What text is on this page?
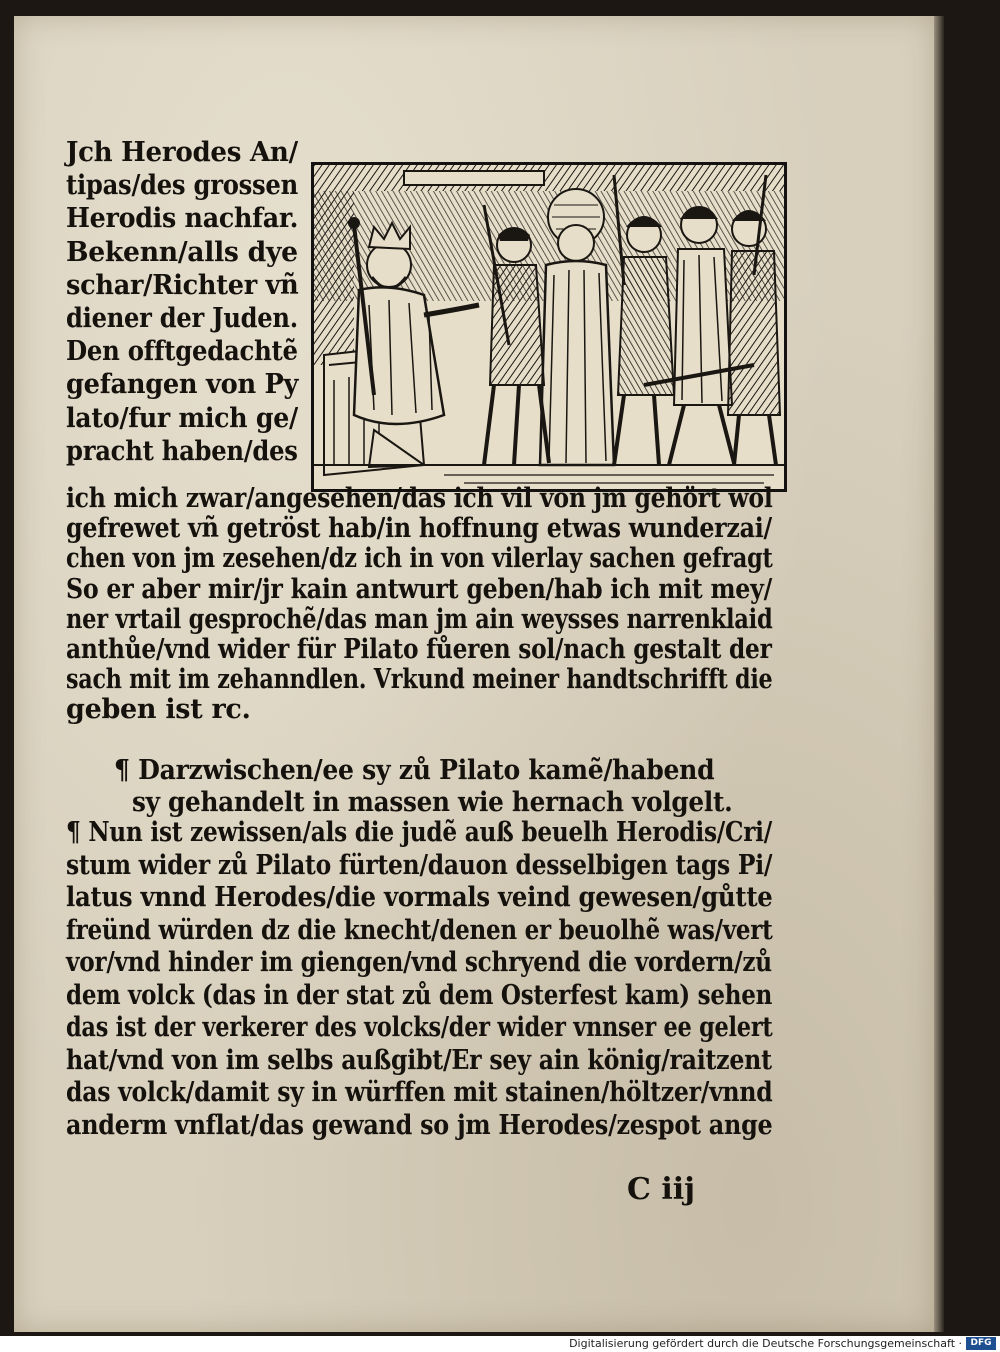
C iij
Jch Herodes An/
tipas/des grossen
Herodis nachfar.
Bekenn/alls dye
schar/Richter vñ
diener der Juden.
Den offtgedachtẽ
gefangen von Py
lato/fur mich ge/
pracht haben/des
ich mich zwar/angesehen/das ich vil von jm gehört wol
gefrewet vñ getröst hab/in hoffnung etwas wunderzai/
chen von jm zesehen/dz ich in von vilerlay sachen gefragt
So er aber mir/jr kain antwurt geben/hab ich mit mey/
ner vrtail gesprochẽ/das man jm ain weysses narrenklaid
anthůe/vnd wider für Pilato fůeren sol/nach gestalt der
sach mit im zehanndlen. Vrkund meiner handtschrifft die
geben ist rc.
¶ Darzwischen/ee sy zů Pilato kamẽ/habend
sy gehandelt in massen wie hernach volgelt.
¶ Nun ist zewissen/als die judẽ auß beuelh Herodis/Cri/
stum wider zů Pilato fürten/dauon desselbigen tags Pi/
latus vnnd Herodes/die vormals veind gewesen/gůtte
freünd würden dz die knecht/denen er beuolhẽ was/vert
vor/vnd hinder im giengen/vnd schryend die vordern/zů
dem volck (das in der stat zů dem Osterfest kam) sehen
das ist der verkerer des volcks/der wider vnnser ee gelert
hat/vnd von im selbs außgibt/Er sey ain könig/raitzent
das volck/damit sy in würffen mit stainen/höltzer/vnnd
anderm vnflat/das gewand so jm Herodes/zespot ange
Digitalisierung gefördert durch die Deutsche Forschungsgemeinschaft · DFG
